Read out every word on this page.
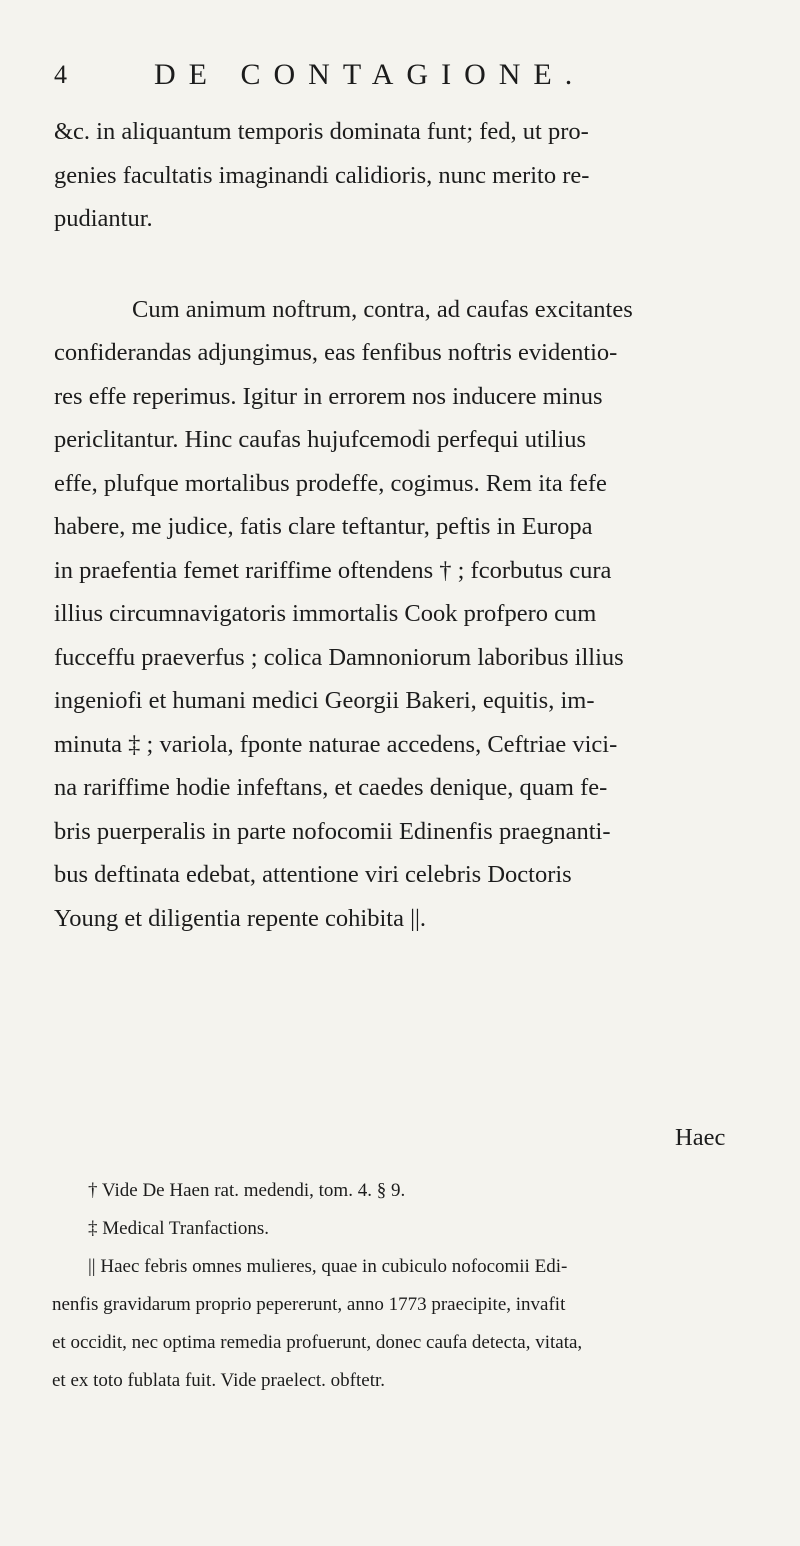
4	DE CONTAGIONE.
&c. in aliquantum temporis dominata funt; fed, ut pro-
genies facultatis imaginandi calidioris, nunc merito re-
pudiantur.
Cum animum noftrum, contra, ad caufas excitantes
confiderandas adjungimus, eas fenfibus noftris evidentio-
res effe reperimus. Igitur in errorem nos inducere minus
periclitantur. Hinc caufas hujufcemodi perfequi utilius
effe, plufque mortalibus prodeffe, cogimus. Rem ita fefe
habere, me judice, fatis clare teftantur, peftis in Europa
in praefentia femet rariffime oftendens † ; fcorbutus cura
illius circumnavigatoris immortalis Cook profpero cum
fucceffu praeverfus ; colica Damnoniorum laboribus illius
ingeniofi et humani medici Georgii Bakeri, equitis, im-
minuta ‡ ; variola, fponte naturae accedens, Ceftriae vici-
na rariffime hodie infeftans, et caedes denique, quam fe-
bris puerperalis in parte nofocomii Edinenfis praegnanti-
bus deftinata edebat, attentione viri celebris Doctoris
Young et diligentia repente cohibita ||.
Haec
† Vide De Haen rat. medendi, tom. 4. § 9.
‡ Medical Tranfactions.
|| Haec febris omnes mulieres, quae in cubiculo nofocomii Edi-
nenfis gravidarum proprio pepererunt, anno 1773 praecipite, invafit
et occidit, nec optima remedia profuerunt, donec caufa detecta, vitata,
et ex toto fublata fuit. Vide praelect. obftetr.
